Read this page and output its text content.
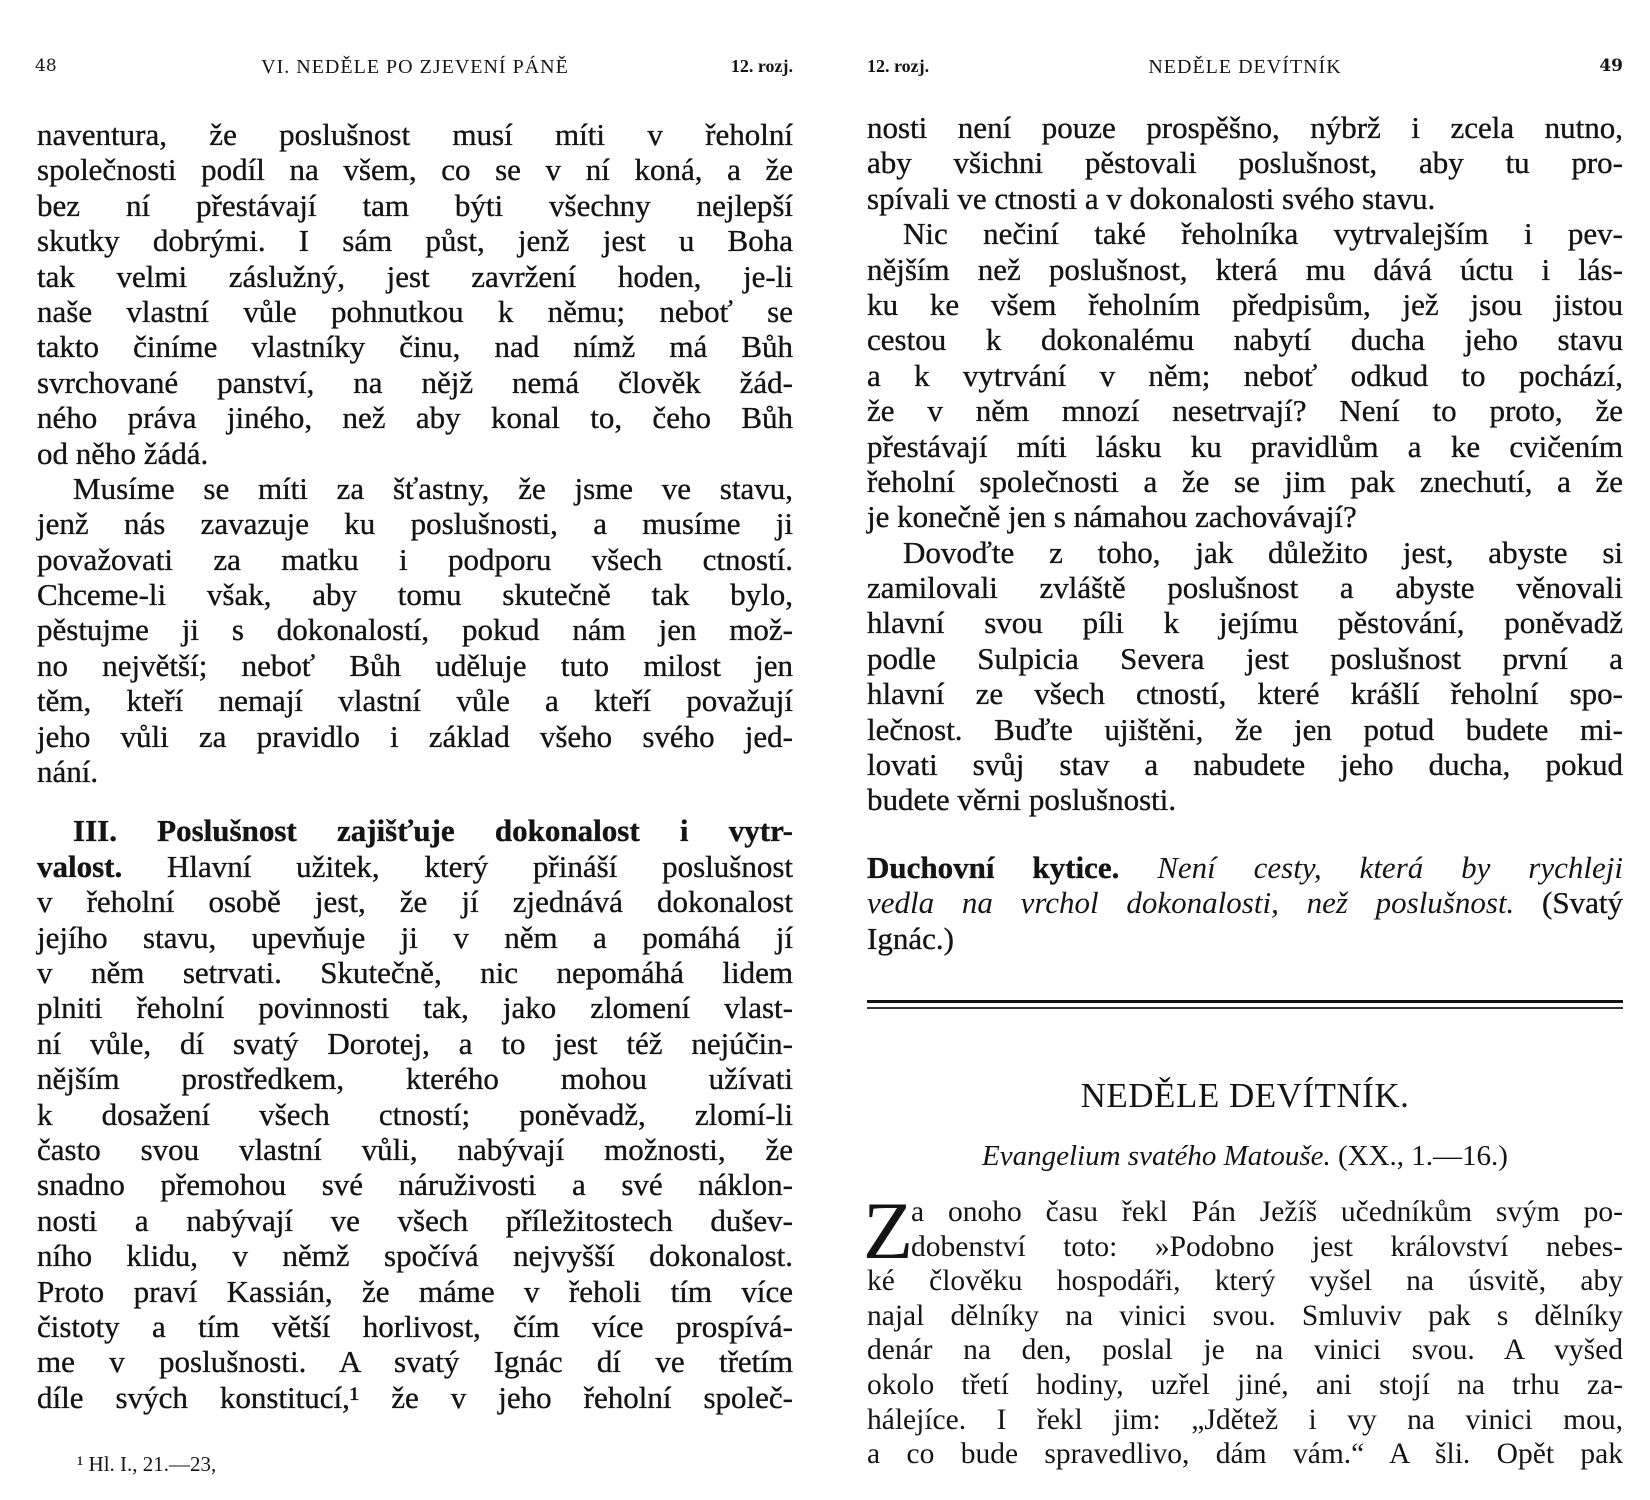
48	VI. NEDĚLE PO ZJEVENÍ PÁNĚ	12. rozj.
naventura, že poslušnost musí míti v řeholní
společnosti podíl na všem, co se v ní koná, a že
bez ní přestávají tam býti všechny nejlepší
skutky dobrými. I sám půst, jenž jest u Boha
tak velmi záslužný, jest zavržení hoden, je-li
naše vlastní vůle pohnutkou k němu; neboť se
takto činíme vlastníky činu, nad nímž má Bůh
svrchované panství, na nějž nemá člověk žád-
ného práva jiného, než aby konal to, čeho Bůh
od něho žádá.
Musíme se míti za šťastny, že jsme ve stavu,
jenž nás zavazuje ku poslušnosti, a musíme ji
považovati za matku i podporu všech ctností.
Chceme-li však, aby tomu skutečně tak bylo,
pěstujme ji s dokonalostí, pokud nám jen mož-
no největší; neboť Bůh uděluje tuto milost jen
těm, kteří nemají vlastní vůle a kteří považují
jeho vůli za pravidlo i základ všeho svého jed-
nání.
III. Poslušnost zajišťuje dokonalost i vytr-
valost. Hlavní užitek, který přináší poslušnost
v řeholní osobě jest, že jí zjednává dokonalost
jejího stavu, upevňuje ji v něm a pomáhá jí
v něm setrvati. Skutečně, nic nepomáhá lidem
plniti řeholní povinnosti tak, jako zlomení vlast-
ní vůle, dí svatý Dorotej, a to jest též nejúčin-
nějším prostředkem, kterého mohou užívati
k dosažení všech ctností; poněvadž, zlomí-li
často svou vlastní vůli, nabývají možnosti, že
snadno přemohou své náruživosti a své náklon-
nosti a nabývají ve všech příležitostech dušev-
ního klidu, v němž spočívá nejvyšší dokonalost.
Proto praví Kassián, že máme v řeholi tím více
čistoty a tím větší horlivost, čím více prospívá-
me v poslušnosti. A svatý Ignác dí ve třetím
díle svých konstitucí,¹ že v jeho řeholní společ-
¹ Hl. I., 21.—23,
12. rozj.	NEDĚLE DEVÍTNÍK	49
nosti není pouze prospěšno, nýbrž i zcela nutno,
aby všichni pěstovali poslušnost, aby tu pro-
spívali ve ctnosti a v dokonalosti svého stavu.
Nic nečiní také řeholníka vytrvalejším i pev-
nějším než poslušnost, která mu dává úctu i lás-
ku ke všem řeholním předpisům, jež jsou jistou
cestou k dokonalému nabytí ducha jeho stavu
a k vytrvání v něm; neboť odkud to pochází,
že v něm mnozí nesetrvají? Není to proto, že
přestávají míti lásku ku pravidlům a ke cvičením
řeholní společnosti a že se jim pak znechutí, a že
je konečně jen s námahou zachovávají?
Dovoďte z toho, jak důležito jest, abyste si
zamilovali zvláště poslušnost a abyste věnovali
hlavní svou píli k jejímu pěstování, poněvadž
podle Sulpicia Severa jest poslušnost první a
hlavní ze všech ctností, které krášlí řeholní spo-
lečnost. Buďte ujištěni, že jen potud budete mi-
lovati svůj stav a nabudete jeho ducha, pokud
budete věrni poslušnosti.
Duchovní kytice. Není cesty, která by rychleji
vedla na vrchol dokonalosti, než poslušnost. (Svatý
Ignác.)
NEDĚLE DEVÍTNÍK.
Evangelium svatého Matouše. (XX., 1.—16.)
Z
a onoho času řekl Pán Ježíš učedníkům svým po-
dobenství toto: »Podobno jest království nebes-
ké člověku hospodáři, který vyšel na úsvitě, aby
najal dělníky na vinici svou. Smluviv pak s dělníky
denár na den, poslal je na vinici svou. A vyšed
okolo třetí hodiny, uzřel jiné, ani stojí na trhu za-
hálejíce. I řekl jim: „Jdětež i vy na vinici mou,
a co bude spravedlivo, dám vám.“ A šli. Opět pak
